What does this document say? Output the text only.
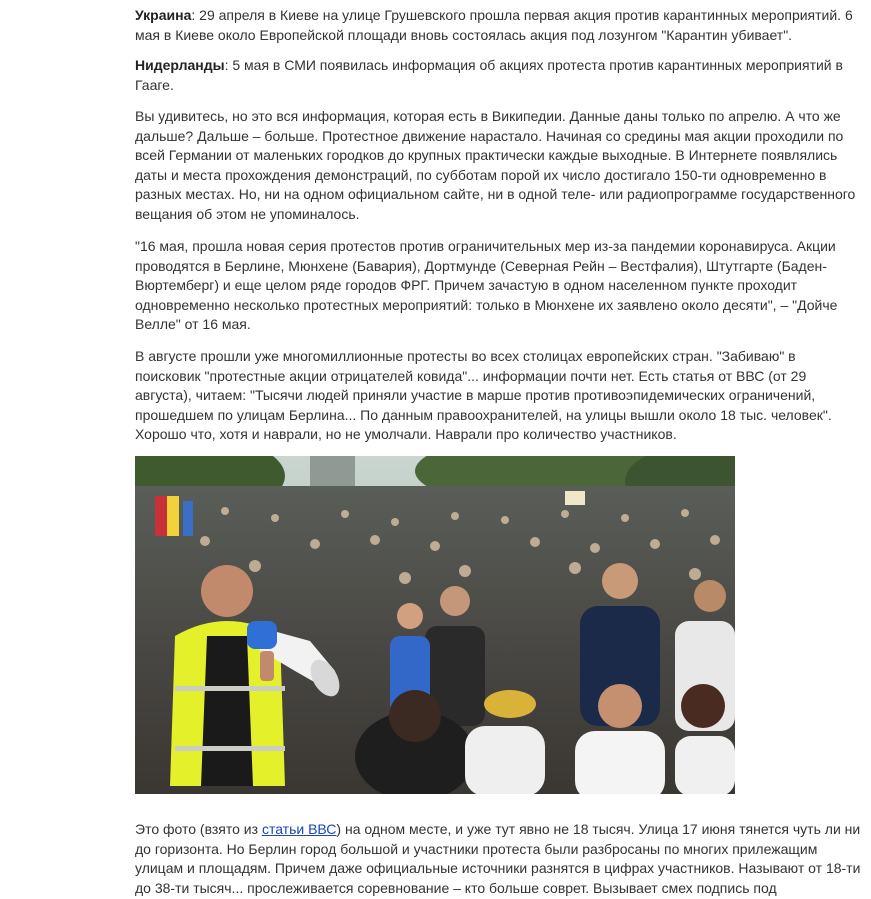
Украина: 29 апреля в Киеве на улице Грушевского прошла первая акция против карантинных мероприятий. 6 мая в Киеве около Европейской площади вновь состоялась акция под лозунгом "Карантин убивает".

Нидерланды: 5 мая в СМИ появилась информация об акциях протеста против карантинных мероприятий в Гааге.

Вы удивитесь, но это вся информация, которая есть в Википедии. Данные даны только по апрелю. А что же дальше? Дальше – больше. Протестное движение нарастало. Начиная со средины мая акции проходили по всей Германии от маленьких городков до крупных практически каждые выходные. В Интернете появлялись даты и места прохождения демонстраций, по субботам порой их число достигало 150-ти одновременно в разных местах. Но, ни на одном официальном сайте, ни в одной теле- или радиопрограмме государственного вещания об этом не упоминалось.

"16 мая, прошла новая серия протестов против ограничительных мер из-за пандемии коронавируса. Акции проводятся в Берлине, Мюнхене (Бавария), Дортмунде (Северная Рейн – Вестфалия), Штутгарте (Баден-Вюртемберг) и еще целом ряде городов ФРГ. Причем зачастую в одном населенном пункте проходит одновременно несколько протестных мероприятий: только в Мюнхене их заявлено около десяти", – "Дойче Велле" от 16 мая.

В августе прошли уже многомиллионные протесты во всех столицах европейских стран. "Забиваю" в поисковик "протестные акции отрицателей ковида"... информации почти нет. Есть статья от ВВС (от 29 августа), читаем: "Тысячи людей приняли участие в марше против противоэпидемических ограничений, прошедшем по улицам Берлина... По данным правоохранителей, на улицы вышли около 18 тыс. человек". Хорошо что, хотя и наврали, но не умолчали. Наврали про количество участников.

Это фото (взято из статьи ВВС) на одном месте, и уже тут явно не 18 тысяч. Улица 17 июня тянется чуть ли ни до горизонта. Но Берлин город большой и участники протеста были разбросаны по многих прилежащим улицам и площадям. Причем даже официальные источники разнятся в цифрах участников. Называют от 18-ти до 38-ти тысяч... прослеживается соревнование – кто больше соврет. Вызывает смех подпись под
